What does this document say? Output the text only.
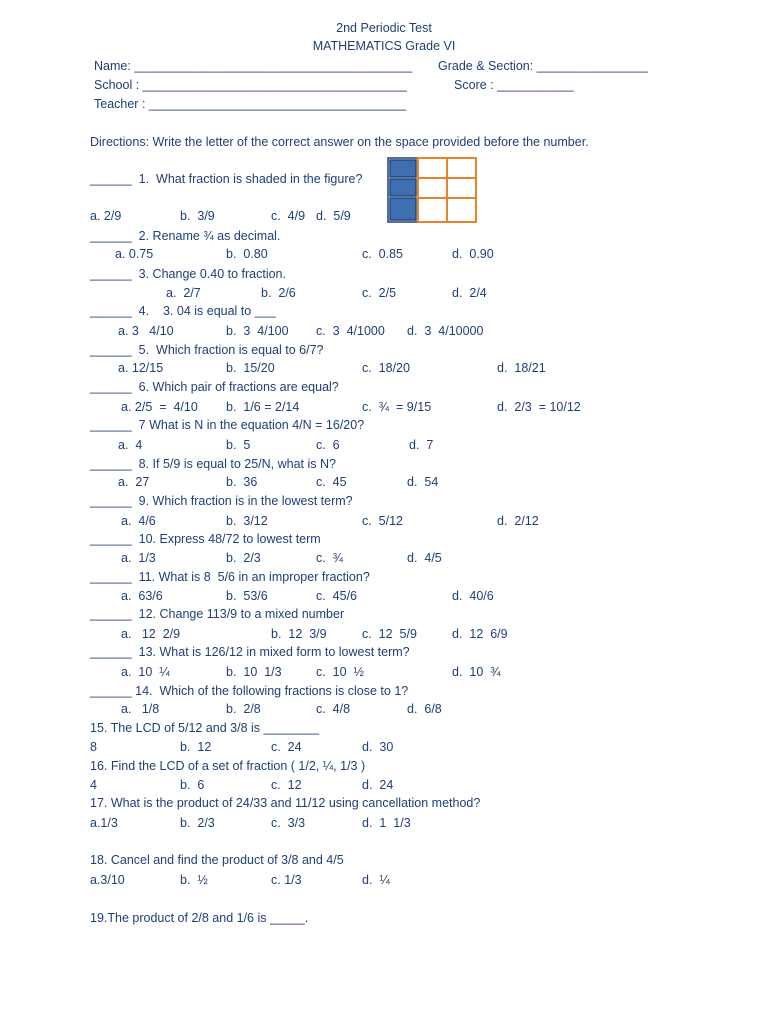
2nd Periodic Test
MATHEMATICS Grade VI
Name: ________________________________________ Grade & Section: ________________
School : ______________________________________	Score : ___________
Teacher : _____________________________________
Directions: Write the letter of the correct answer on the space provided before the number.
______  1.  What fraction is shaded in the figure?
a. 2/9	b.  3/9	c.  4/9 d.  5/9
______  2. Rename ¾ as decimal.
a. 0.75	b.  0.80	c.  0.85	d.  0.90
______  3. Change 0.40 to fraction.
a.  2/7	b.  2/6	c.  2/5	d.  2/4
______  4.    3. 04 is equal to ___
a. 3   4/10	b.  3  4/100 c.  3  4/1000 d.  3  4/10000
______  5.  Which fraction is equal to 6/7?
a. 12/15	b.  15/20	c.  18/20	d.  18/21
______  6. Which pair of fractions are equal?
a. 2/5  =  4/10 b.  1/6 = 2/14	c.  ¾  = 9/15	d.  2/3  = 10/12
______  7 What is N in the equation 4/N = 16/20?
a.  4	b.  5	c.  6	d.  7
______  8. If 5/9 is equal to 25/N, what is N?
a.  27	b.  36	c.  45	d.  54
______  9. Which fraction is in the lowest term?
a.  4/6	b.  3/12	c.  5/12	d.  2/12
______  10. Express 48/72 to lowest term
a.  1/3	b.  2/3	c.  ¾	d.  4/5
______  11. What is 8  5/6 in an improper fraction?
a.  63/6	b.  53/6	c.  45/6	d.  40/6
______  12. Change 113/9 to a mixed number
a.   12  2/9	b.  12  3/9	c.  12  5/9	d.  12  6/9
______  13. What is 126/12 in mixed form to lowest term?
a.  10  ¼	b.  10  1/3	c.  10  ½	d.  10  ¾
______ 14.  Which of the following fractions is close to 1?
a.   1/8	b.  2/8	c.  4/8	d.  6/8
15. The LCD of 5/12 and 3/8 is ________
8	b.  12	c.  24	d.  30
16. Find the LCD of a set of fraction ( 1/2, ¼, 1/3 )
4	b.  6	c.  12	d.  24
17. What is the product of 24/33 and 11/12 using cancellation method?
a.1/3	b.  2/3	c.  3/3	d.  1  1/3
18. Cancel and find the product of 3/8 and 4/5
a.3/10	b.  ½	c. 1/3	d.  ¼
19.The product of 2/8 and 1/6 is _____.
